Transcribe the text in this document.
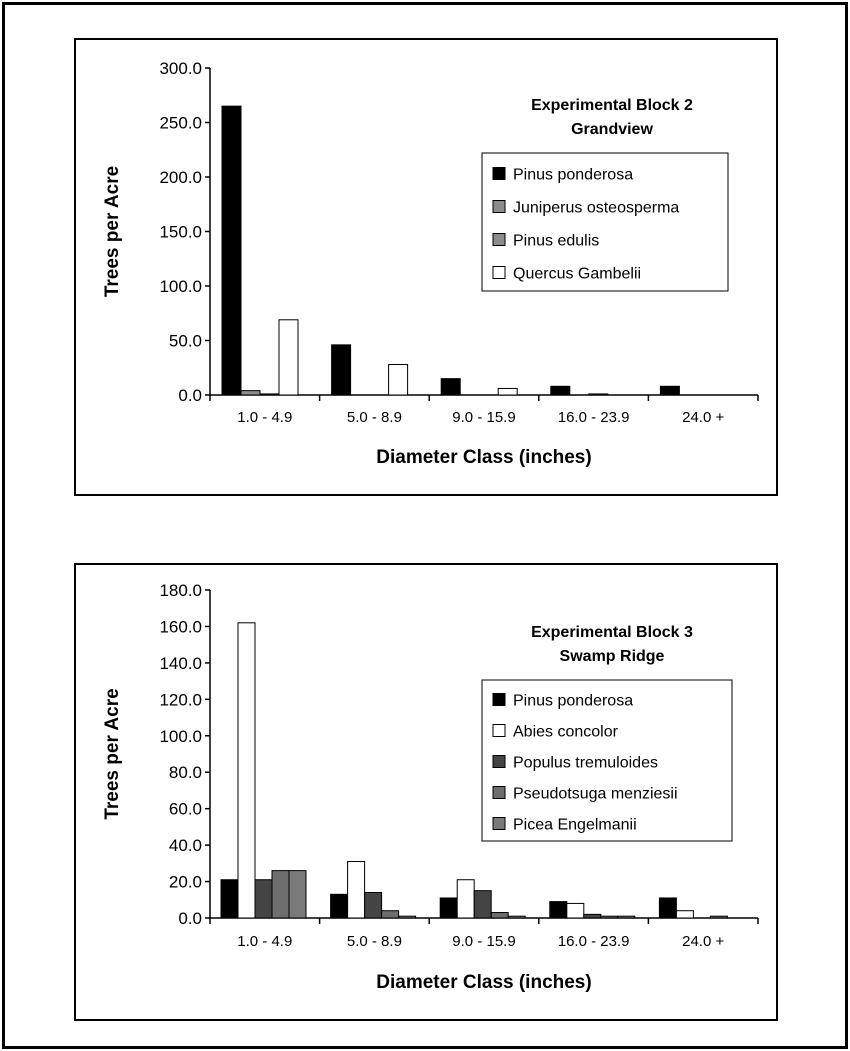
0.0
50.0
100.0
150.0
200.0
250.0
300.0
1.0 - 4.9	5.0 - 8.9	9.0 - 15.9	16.0 - 23.9	24.0 +
Diameter Class (inches)
Trees per Acre
Experimental Block 2
Grandview
Pinus ponderosa
Juniperus osteosperma
Pinus edulis
Quercus Gambelii
0.0
20.0
40.0
60.0
80.0
100.0
120.0
140.0
160.0
180.0
1.0 - 4.9	5.0 - 8.9	9.0 - 15.9	16.0 - 23.9	24.0 +
Diameter Class (inches)
Trees per Acre
Experimental Block 3
Swamp Ridge
Pinus ponderosa
Abies concolor
Populus tremuloides
Pseudotsuga menziesii
Picea Engelmanii
